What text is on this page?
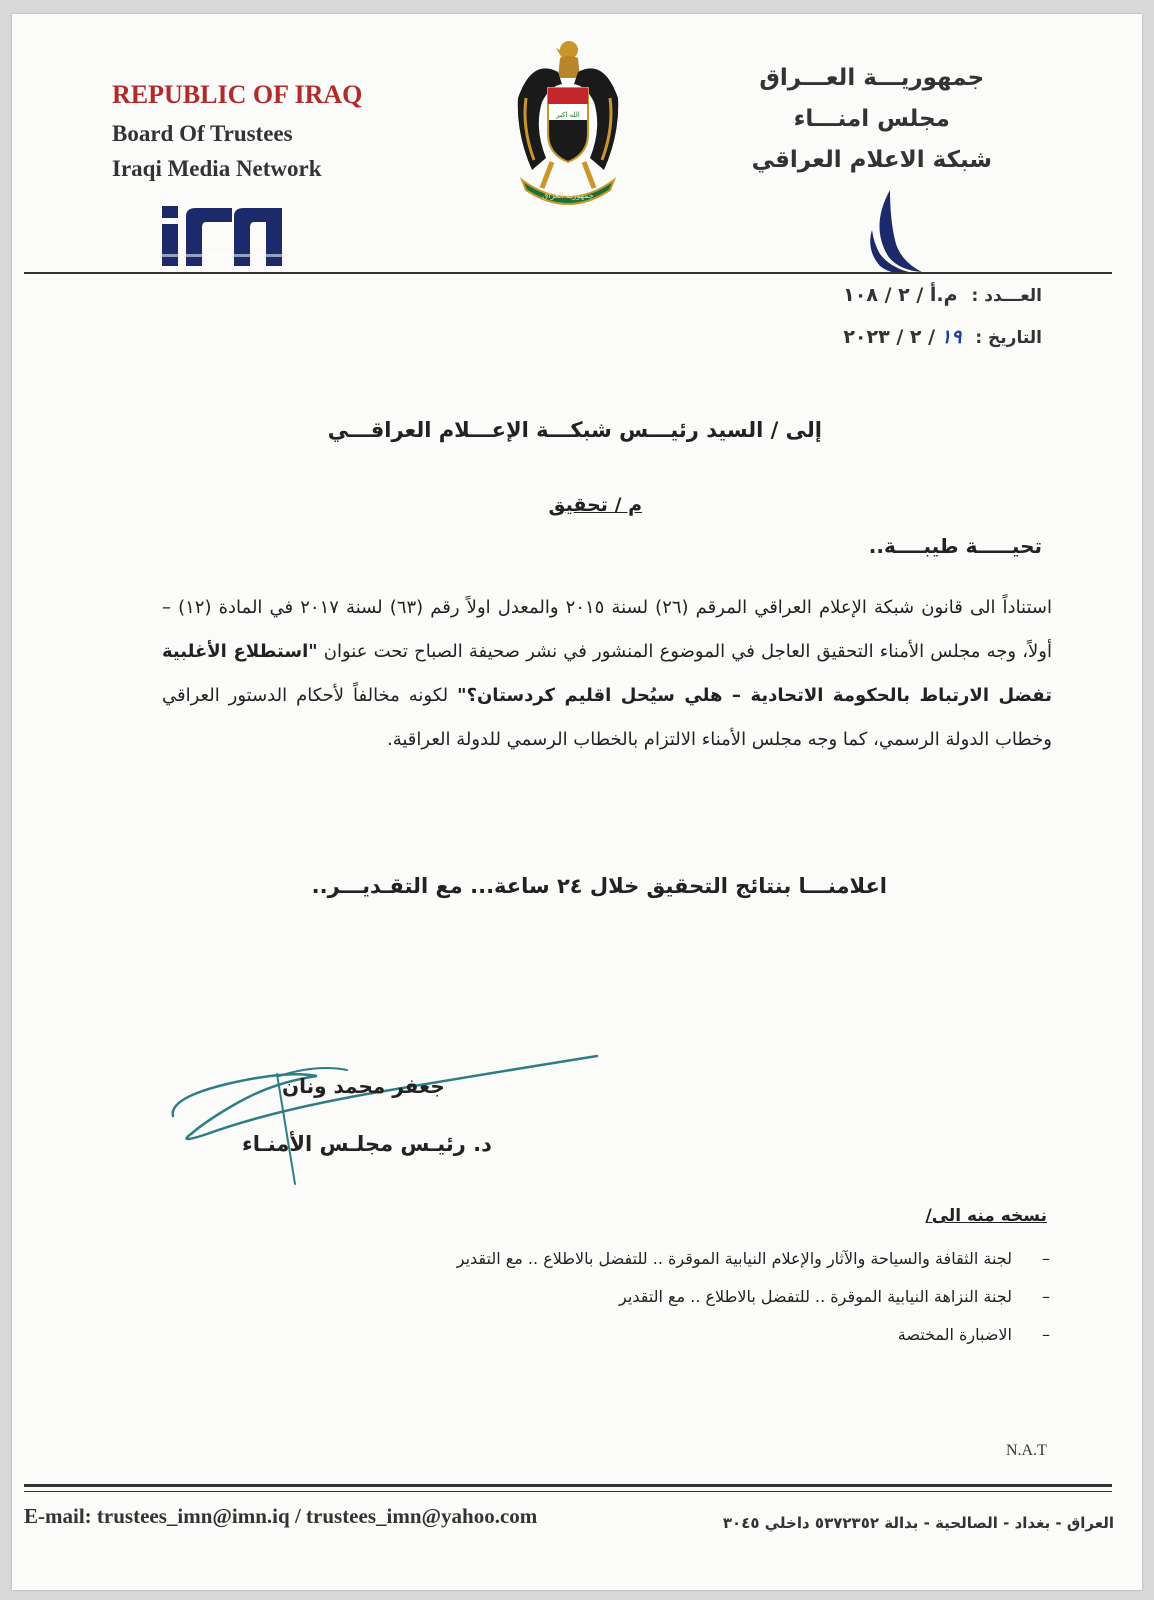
REPUBLIC OF IRAQ
Board Of Trustees
Iraqi Media Network
الله اكبر
جمهورية العراق
جمهوريـــة العـــراق
مجلس امنـــاء
شبكة الاعلام العراقي
العـــدد : م.أ / ٢ / ١٠٨
التاريخ : ١٩ / ٢ / ٢٠٢٣
إلى / السيد رئيـــس شبكـــة الإعـــلام العراقـــي
م / تحقيق
تحيـــــة طيبــــة..
استناداً الى قانون شبكة الإعلام العراقي المرقم (٢٦) لسنة ٢٠١٥ والمعدل اولاً رقم (٦٣) لسنة ٢٠١٧ في المادة (١٢) – أولاً، وجه مجلس الأمناء التحقيق العاجل في الموضوع المنشور في نشر صحيفة الصباح تحت عنوان "استطلاع الأغلبية تفضل الارتباط بالحكومة الاتحادية – هلي سيُحل اقليم كردستان؟" لكونه مخالفاً لأحكام الدستور العراقي وخطاب الدولة الرسمي، كما وجه مجلس الأمناء الالتزام بالخطاب الرسمي للدولة العراقية.
اعلامنـــا بنتائج التحقيق خلال ٢٤ ساعة... مع التقـديـــر..
جعفر محمد ونان
د. رئيـس مجلـس الأمنـاء
نسخه منه الى/
–لجنة الثقافة والسياحة والآثار والإعلام النيابية الموقرة .. للتفضل بالاطلاع .. مع التقدير
–لجنة النزاهة النيابية الموقرة .. للتفضل بالاطلاع .. مع التقدير
–الاضبارة المختصة
N.A.T
E-mail: trustees_imn@imn.iq / trustees_imn@yahoo.com	العراق - بغداد - الصالحية - بدالة ٥٣٧٢٣٥٢ داخلي ٣٠٤٥
